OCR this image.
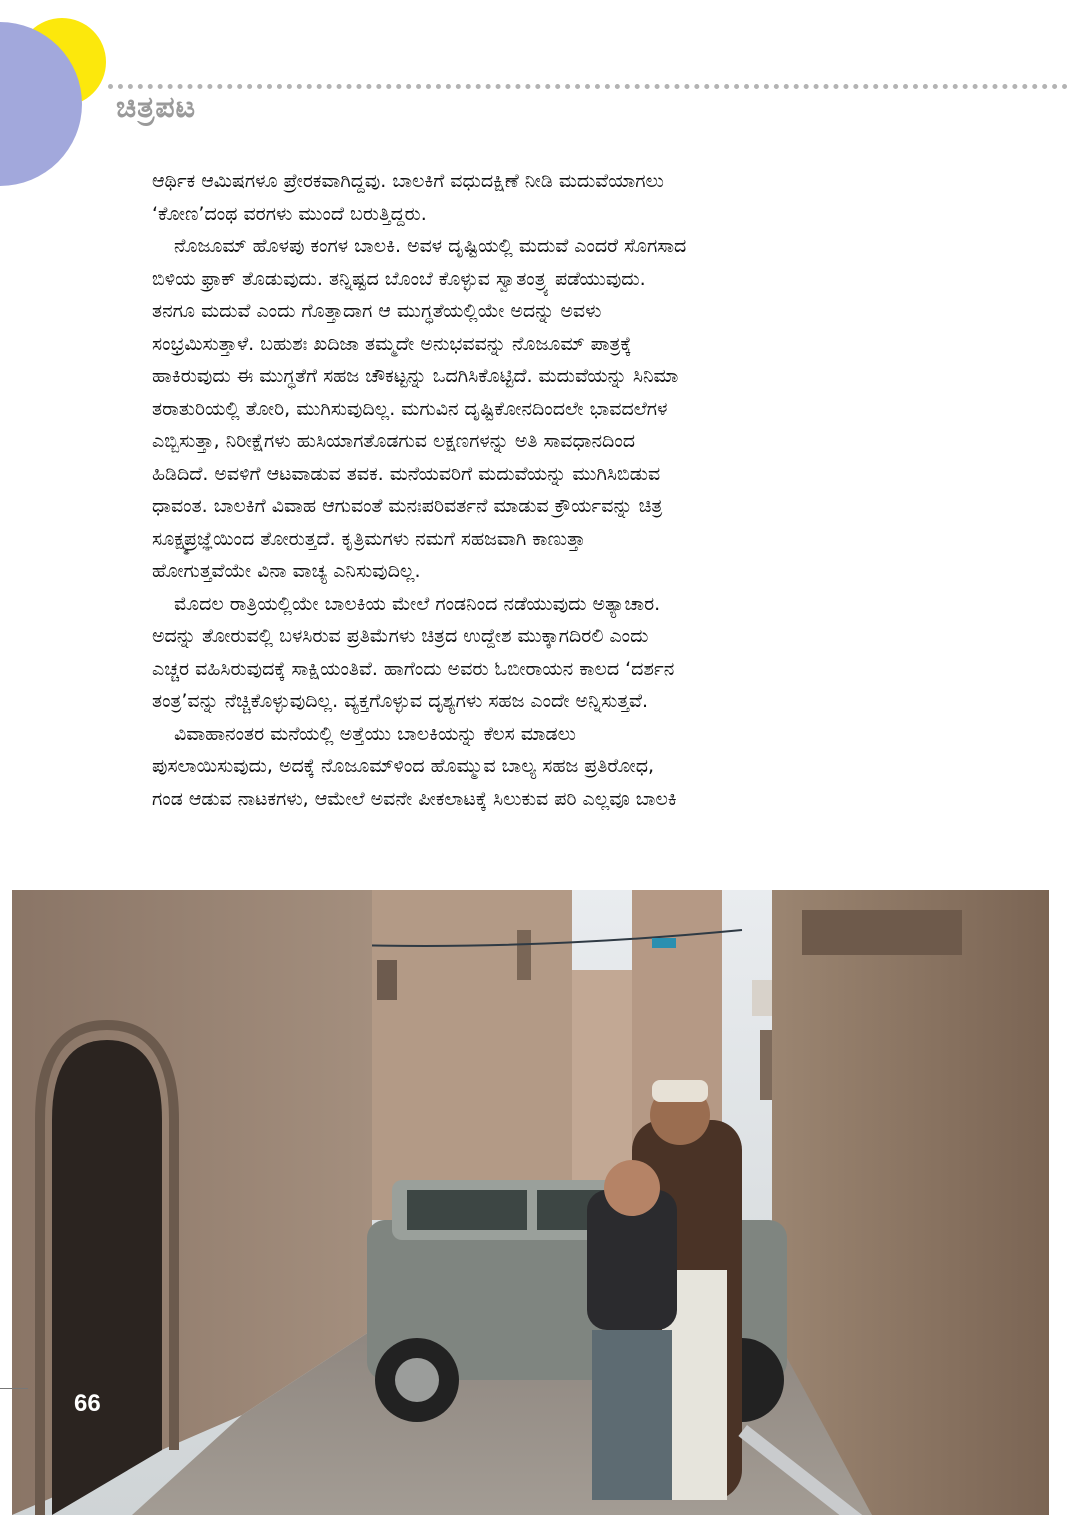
ಚಿತ್ರಪಟ

ಆರ್ಥಿಕ ಆಮಿಷಗಳೂ ಪ್ರೇರಕವಾಗಿದ್ದವು. ಬಾಲಕಿಗೆ ವಧುದಕ್ಷಿಣೆ ನೀಡಿ ಮದುವೆಯಾಗಲು

‘ಕೋಣ’ದಂಥ ವರಗಳು ಮುಂದೆ ಬರುತ್ತಿದ್ದರು.

ನೊಜೂಮ್ ಹೊಳಪು ಕಂಗಳ ಬಾಲಕಿ. ಅವಳ ದೃಷ್ಟಿಯಲ್ಲಿ ಮದುವೆ ಎಂದರೆ ಸೊಗಸಾದ

ಬಿಳಿಯ ಫ್ರಾಕ್ ತೊಡುವುದು. ತನ್ನಿಷ್ಟದ ಬೊಂಬೆ ಕೊಳ್ಳುವ ಸ್ವಾತಂತ್ರ್ಯ ಪಡೆಯುವುದು.

ತನಗೂ ಮದುವೆ ಎಂದು ಗೊತ್ತಾದಾಗ ಆ ಮುಗ್ಧತೆಯಲ್ಲಿಯೇ ಅದನ್ನು ಅವಳು

ಸಂಭ್ರಮಿಸುತ್ತಾಳೆ. ಬಹುಶಃ ಖದಿಜಾ ತಮ್ಮದೇ ಅನುಭವವನ್ನು ನೊಜೂಮ್ ಪಾತ್ರಕ್ಕೆ

ಹಾಕಿರುವುದು ಈ ಮುಗ್ಧತೆಗೆ ಸಹಜ ಚೌಕಟ್ಟನ್ನು ಒದಗಿಸಿಕೊಟ್ಟಿದೆ. ಮದುವೆಯನ್ನು ಸಿನಿಮಾ

ತರಾತುರಿಯಲ್ಲಿ ತೋರಿ, ಮುಗಿಸುವುದಿಲ್ಲ. ಮಗುವಿನ ದೃಷ್ಟಿಕೋನದಿಂದಲೇ ಭಾವದಲೆಗಳ

ಎಬ್ಬಿಸುತ್ತಾ, ನಿರೀಕ್ಷೆಗಳು ಹುಸಿಯಾಗತೊಡಗುವ ಲಕ್ಷಣಗಳನ್ನು ಅತಿ ಸಾವಧಾನದಿಂದ

ಹಿಡಿದಿದೆ. ಅವಳಿಗೆ ಆಟವಾಡುವ ತವಕ. ಮನೆಯವರಿಗೆ ಮದುವೆಯನ್ನು ಮುಗಿಸಿಬಿಡುವ

ಧಾವಂತ. ಬಾಲಕಿಗೆ ವಿವಾಹ ಆಗುವಂತೆ ಮನಃಪರಿವರ್ತನೆ ಮಾಡುವ ಕ್ರೌರ್ಯವನ್ನು ಚಿತ್ರ

ಸೂಕ್ಷ್ಮಪ್ರಜ್ಞೆಯಿಂದ ತೋರುತ್ತದೆ. ಕೃತ್ರಿಮಗಳು ನಮಗೆ ಸಹಜವಾಗಿ ಕಾಣುತ್ತಾ

ಹೋಗುತ್ತವೆಯೇ ವಿನಾ ವಾಚ್ಯ ಎನಿಸುವುದಿಲ್ಲ.

ಮೊದಲ ರಾತ್ರಿಯಲ್ಲಿಯೇ ಬಾಲಕಿಯ ಮೇಲೆ ಗಂಡನಿಂದ ನಡೆಯುವುದು ಅತ್ಯಾಚಾರ.

ಅದನ್ನು ತೋರುವಲ್ಲಿ ಬಳಸಿರುವ ಪ್ರತಿಮೆಗಳು ಚಿತ್ರದ ಉದ್ದೇಶ ಮುಕ್ಕಾಗದಿರಲಿ ಎಂದು

ಎಚ್ಚರ ವಹಿಸಿರುವುದಕ್ಕೆ ಸಾಕ್ಷಿಯಂತಿವೆ. ಹಾಗೆಂದು ಅವರು ಓಬೀರಾಯನ ಕಾಲದ ‘ದರ್ಶನ

ತಂತ್ರ’ವನ್ನು ನೆಚ್ಚಿಕೊಳ್ಳುವುದಿಲ್ಲ. ವ್ಯಕ್ತಗೊಳ್ಳುವ ದೃಶ್ಯಗಳು ಸಹಜ ಎಂದೇ ಅನ್ನಿಸುತ್ತವೆ.

ವಿವಾಹಾನಂತರ ಮನೆಯಲ್ಲಿ ಅತ್ತೆಯು ಬಾಲಕಿಯನ್ನು ಕೆಲಸ ಮಾಡಲು

ಪುಸಲಾಯಿಸುವುದು, ಅದಕ್ಕೆ ನೊಜೂಮ್‌ಳಿಂದ ಹೊಮ್ಮುವ ಬಾಲ್ಯ ಸಹಜ ಪ್ರತಿರೋಧ,

ಗಂಡ ಆಡುವ ನಾಟಕಗಳು, ಆಮೇಲೆ ಅವನೇ ಪೀಕಲಾಟಕ್ಕೆ ಸಿಲುಕುವ ಪರಿ ಎಲ್ಲವೂ ಬಾಲಕಿ

66
